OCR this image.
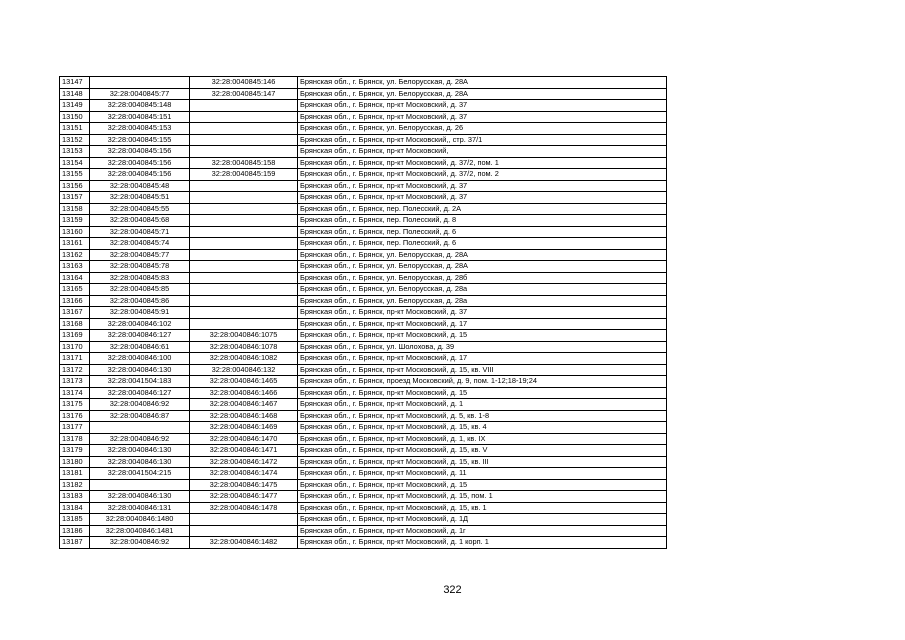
13147		32:28:0040845:146	Брянская обл., г. Брянск, ул. Белорусская, д. 28А
13148	32:28:0040845:77	32:28:0040845:147	Брянская обл., г. Брянск, ул. Белорусская, д. 28А
13149	32:28:0040845:148		Брянская обл., г. Брянск, пр-кт Московский, д. 37
13150	32:28:0040845:151		Брянская обл., г. Брянск, пр-кт Московский, д. 37
13151	32:28:0040845:153		Брянская обл., г. Брянск, ул. Белорусская, д. 26
13152	32:28:0040845:155		Брянская обл., г. Брянск, пр-кт Московский,, стр. 37/1
13153	32:28:0040845:156		Брянская обл., г. Брянск, пр-кт Московский,
13154	32:28:0040845:156	32:28:0040845:158	Брянская обл., г. Брянск, пр-кт Московский, д. 37/2, пом. 1
13155	32:28:0040845:156	32:28:0040845:159	Брянская обл., г. Брянск, пр-кт Московский, д. 37/2, пом. 2
13156	32:28:0040845:48		Брянская обл., г. Брянск, пр-кт Московский, д. 37
13157	32:28:0040845:51		Брянская обл., г. Брянск, пр-кт Московский, д. 37
13158	32:28:0040845:55		Брянская обл., г. Брянск, пер. Полесский, д. 2А
13159	32:28:0040845:68		Брянская обл., г. Брянск, пер. Полесский, д. 8
13160	32:28:0040845:71		Брянская обл., г. Брянск, пер. Полесский, д. 6
13161	32:28:0040845:74		Брянская обл., г. Брянск, пер. Полесский, д. 6
13162	32:28:0040845:77		Брянская обл., г. Брянск, ул. Белорусская, д. 28А
13163	32:28:0040845:78		Брянская обл., г. Брянск, ул. Белорусская, д. 28А
13164	32:28:0040845:83		Брянская обл., г. Брянск, ул. Белорусская, д. 28б
13165	32:28:0040845:85		Брянская обл., г. Брянск, ул. Белорусская, д. 28а
13166	32:28:0040845:86		Брянская обл., г. Брянск, ул. Белорусская, д. 28а
13167	32:28:0040845:91		Брянская обл., г. Брянск, пр-кт Московский, д. 37
13168	32:28:0040846:102		Брянская обл., г. Брянск, пр-кт Московский, д. 17
13169	32:28:0040846:127	32:28:0040846:1075	Брянская обл., г. Брянск, пр-кт Московский, д. 15
13170	32:28:0040846:61	32:28:0040846:1078	Брянская обл., г. Брянск, ул. Шолохова, д. 39
13171	32:28:0040846:100	32:28:0040846:1082	Брянская обл., г. Брянск, пр-кт Московский, д. 17
13172	32:28:0040846:130	32:28:0040846:132	Брянская обл., г. Брянск, пр-кт Московский, д. 15, кв. VIII
13173	32:28:0041504:183	32:28:0040846:1465	Брянская обл., г. Брянск, проезд Московский, д. 9, пом. 1-12;18-19;24
13174	32:28:0040846:127	32:28:0040846:1466	Брянская обл., г. Брянск, пр-кт Московский, д. 15
13175	32:28:0040846:92	32:28:0040846:1467	Брянская обл., г. Брянск, пр-кт Московский, д. 1
13176	32:28:0040846:87	32:28:0040846:1468	Брянская обл., г. Брянск, пр-кт Московский, д. 5, кв. 1-8
13177		32:28:0040846:1469	Брянская обл., г. Брянск, пр-кт Московский, д. 15, кв. 4
13178	32:28:0040846:92	32:28:0040846:1470	Брянская обл., г. Брянск, пр-кт Московский, д. 1, кв. IX
13179	32:28:0040846:130	32:28:0040846:1471	Брянская обл., г. Брянск, пр-кт Московский, д. 15, кв. V
13180	32:28:0040846:130	32:28:0040846:1472	Брянская обл., г. Брянск, пр-кт Московский, д. 15, кв. III
13181	32:28:0041504:215	32:28:0040846:1474	Брянская обл., г. Брянск, пр-кт Московский, д. 11
13182		32:28:0040846:1475	Брянская обл., г. Брянск, пр-кт Московский, д. 15
13183	32:28:0040846:130	32:28:0040846:1477	Брянская обл., г. Брянск, пр-кт Московский, д. 15, пом. 1
13184	32:28:0040846:131	32:28:0040846:1478	Брянская обл., г. Брянск, пр-кт Московский, д. 15, кв. 1
13185	32:28:0040846:1480		Брянская обл., г. Брянск, пр-кт Московский, д. 1Д
13186	32:28:0040846:1481		Брянская обл., г. Брянск, пр-кт Московский, д. 1г
13187	32:28:0040846:92	32:28:0040846:1482	Брянская обл., г. Брянск, пр-кт Московский, д. 1 корп. 1
322
